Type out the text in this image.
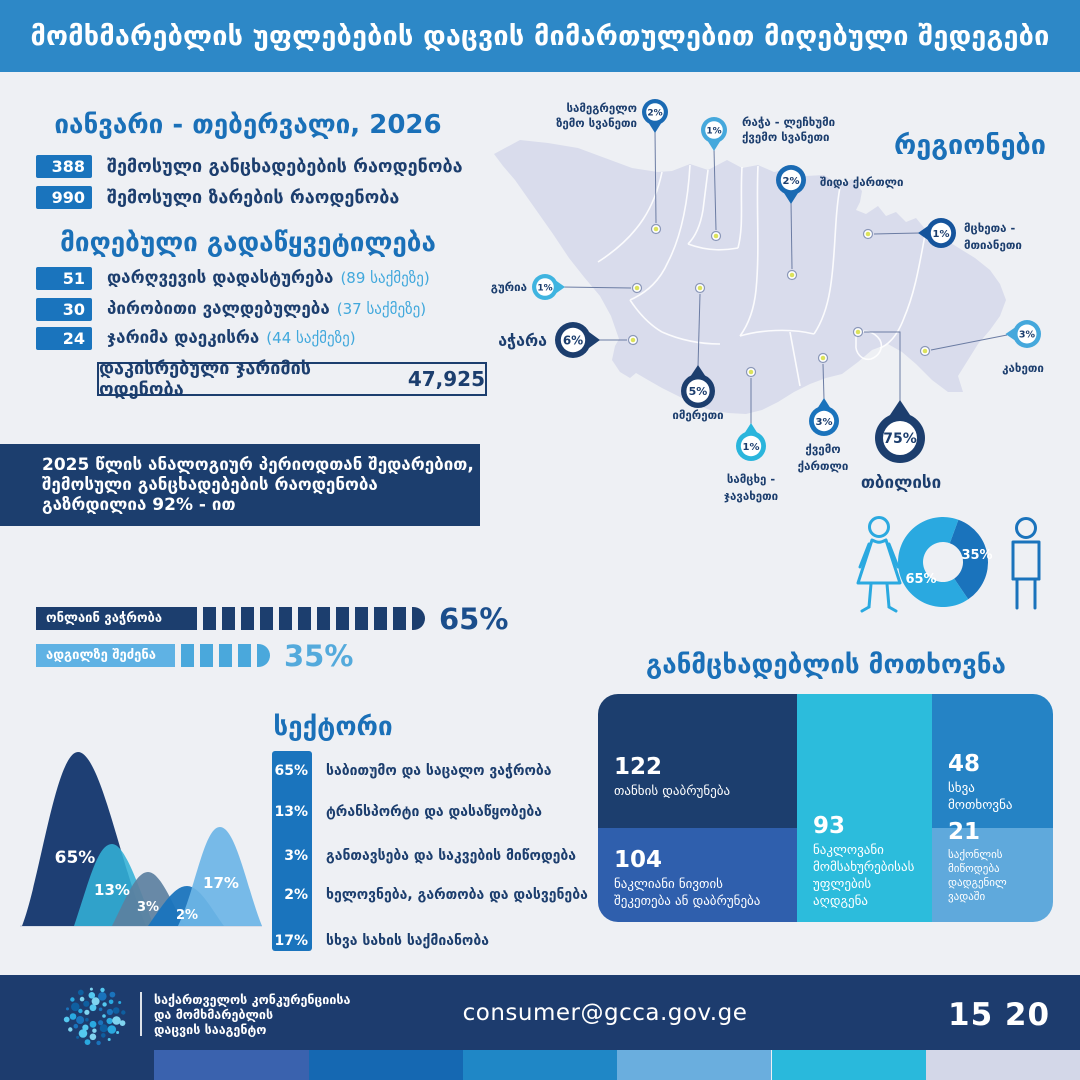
მომხმარებლის უფლებების დაცვის მიმართულებით მიღებული შედეგები
იანვარი - თებერვალი, 2026
388	შემოსული განცხადებების რაოდენობა
990	შემოსული ზარების რაოდენობა
მიღებული გადაწყვეტილება
51	დარღვევის დადასტურება (89 საქმეზე)
30	პირობითი ვალდებულება (37 საქმეზე)
24	ჯარიმა დაეკისრა (44 საქმეზე)
დაკისრებული ჯარიმის ოდენობა	47,925
2025 წლის ანალოგიურ პერიოდთან შედარებით,
შემოსული განცხადებების რაოდენობა
გაზრდილია 92% - ით
რეგიონები
2%
1%
2%
1%
1%
6%
5%
1%
3%
75%
3%
სამეგრელო
ზემო სვანეთი	რაჭა - ლეჩხუმი
ქვემო სვანეთი
შიდა ქართლი
მცხეთა -
მთიანეთი
გურია
აჭარა
იმერეთი
სამცხე -
ჯავახეთი
ქვემო
ქართლი
თბილისი
კახეთი
35%
65%
ონლაინ ვაჭრობა	65%
ადგილზე შეძენა	35%
სექტორი
65%
13%
3%
2%
17%
65% საბითუმო და საცალო ვაჭრობა
13% ტრანსპორტი და დასაწყობება
3% განთავსება და საკვების მიწოდება
2% ხელოვნება, გართობა და დასვენება
17% სხვა სახის საქმიანობა
განმცხადებლის მოთხოვნა
122
თანხის დაბრუნება
93
ნაკლოვანი
მომსახურებისას
უფლების აღდგენა
48
სხვა
მოთხოვნა
104
ნაკლიანი ნივთის
შეკეთება ან დაბრუნება
21
საქონლის
მიწოდება
დადგენილ ვადაში
საქართველოს კონკურენციისა
და მომხმარებლის
დაცვის სააგენტო
consumer@gcca.gov.ge	15 20
